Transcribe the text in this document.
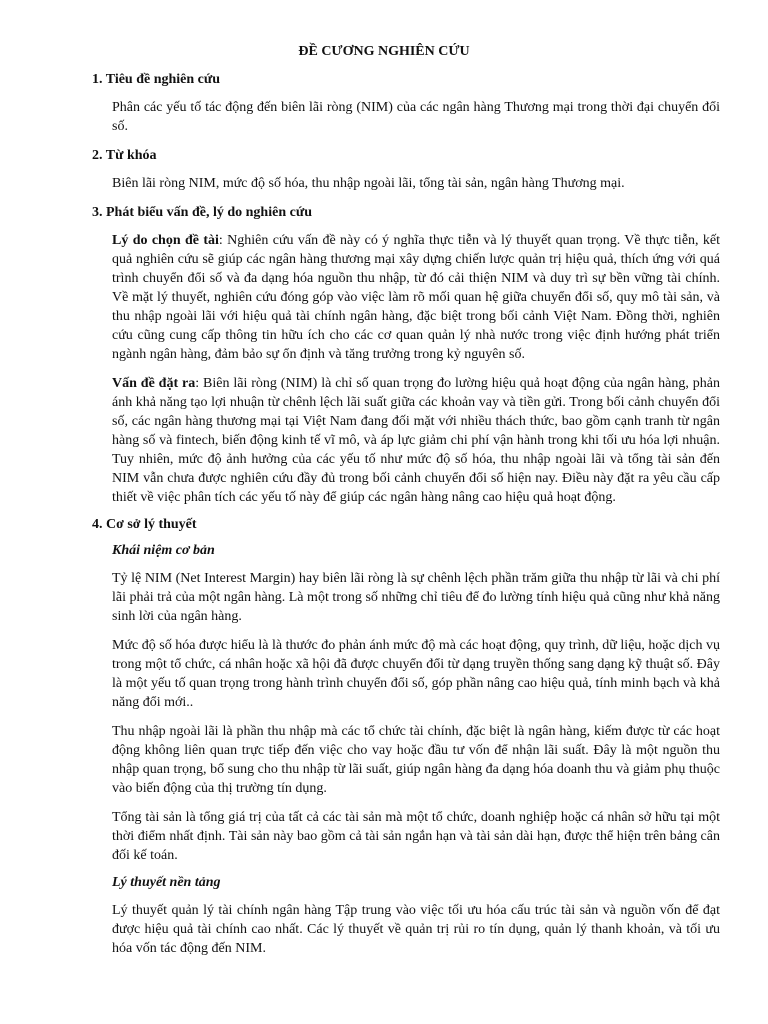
ĐỀ CƯƠNG NGHIÊN CỨU
1. Tiêu đề nghiên cứu

Phân các yếu tố tác động đến biên lãi ròng (NIM) của các ngân hàng Thương mại trong thời đại chuyển đổi số.

2. Từ khóa

Biên lãi ròng NIM, mức độ số hóa, thu nhập ngoài lãi, tổng tài sản, ngân hàng Thương mại.

3. Phát biểu vấn đề, lý do nghiên cứu

Lý do chọn đề tài: Nghiên cứu vấn đề này có ý nghĩa thực tiễn và lý thuyết quan trọng. Về thực tiễn, kết quả nghiên cứu sẽ giúp các ngân hàng thương mại xây dựng chiến lược quản trị hiệu quả, thích ứng với quá trình chuyển đổi số và đa dạng hóa nguồn thu nhập, từ đó cải thiện NIM và duy trì sự bền vững tài chính. Về mặt lý thuyết, nghiên cứu đóng góp vào việc làm rõ mối quan hệ giữa chuyển đổi số, quy mô tài sản, và thu nhập ngoài lãi với hiệu quả tài chính ngân hàng, đặc biệt trong bối cảnh Việt Nam. Đồng thời, nghiên cứu cũng cung cấp thông tin hữu ích cho các cơ quan quản lý nhà nước trong việc định hướng phát triển ngành ngân hàng, đảm bảo sự ổn định và tăng trưởng trong kỷ nguyên số.

Vấn đề đặt ra: Biên lãi ròng (NIM) là chỉ số quan trọng đo lường hiệu quả hoạt động của ngân hàng, phản ánh khả năng tạo lợi nhuận từ chênh lệch lãi suất giữa các khoản vay và tiền gửi. Trong bối cảnh chuyển đổi số, các ngân hàng thương mại tại Việt Nam đang đối mặt với nhiều thách thức, bao gồm cạnh tranh từ ngân hàng số và fintech, biến động kinh tế vĩ mô, và áp lực giảm chi phí vận hành trong khi tối ưu hóa lợi nhuận. Tuy nhiên, mức độ ảnh hưởng của các yếu tố như mức độ số hóa, thu nhập ngoài lãi và tổng tài sản đến NIM vẫn chưa được nghiên cứu đầy đủ trong bối cảnh chuyển đổi số hiện nay. Điều này đặt ra yêu cầu cấp thiết về việc phân tích các yếu tố này để giúp các ngân hàng nâng cao hiệu quả hoạt động.

4. Cơ sở lý thuyết
Khái niệm cơ bản

Tỷ lệ NIM (Net Interest Margin) hay biên lãi ròng là sự chênh lệch phần trăm giữa thu nhập từ lãi và chi phí lãi phải trả của một ngân hàng. Là một trong số những chỉ tiêu để đo lường tính hiệu quả cũng như khả năng sinh lời của ngân hàng.

Mức độ số hóa được hiểu là là thước đo phản ánh mức độ mà các hoạt động, quy trình, dữ liệu, hoặc dịch vụ trong một tổ chức, cá nhân hoặc xã hội đã được chuyển đổi từ dạng truyền thống sang dạng kỹ thuật số. Đây là một yếu tố quan trọng trong hành trình chuyển đổi số, góp phần nâng cao hiệu quả, tính minh bạch và khả năng đổi mới..

Thu nhập ngoài lãi là phần thu nhập mà các tổ chức tài chính, đặc biệt là ngân hàng, kiếm được từ các hoạt động không liên quan trực tiếp đến việc cho vay hoặc đầu tư vốn để nhận lãi suất. Đây là một nguồn thu nhập quan trọng, bổ sung cho thu nhập từ lãi suất, giúp ngân hàng đa dạng hóa doanh thu và giảm phụ thuộc vào biến động của thị trường tín dụng.

Tổng tài sản là tổng giá trị của tất cả các tài sản mà một tổ chức, doanh nghiệp hoặc cá nhân sở hữu tại một thời điểm nhất định. Tài sản này bao gồm cả tài sản ngắn hạn và tài sản dài hạn, được thể hiện trên bảng cân đối kế toán.

Lý thuyết nền tảng

Lý thuyết quản lý tài chính ngân hàng Tập trung vào việc tối ưu hóa cấu trúc tài sản và nguồn vốn để đạt được hiệu quả tài chính cao nhất. Các lý thuyết về quản trị rủi ro tín dụng, quản lý thanh khoản, và tối ưu hóa vốn tác động đến NIM.
